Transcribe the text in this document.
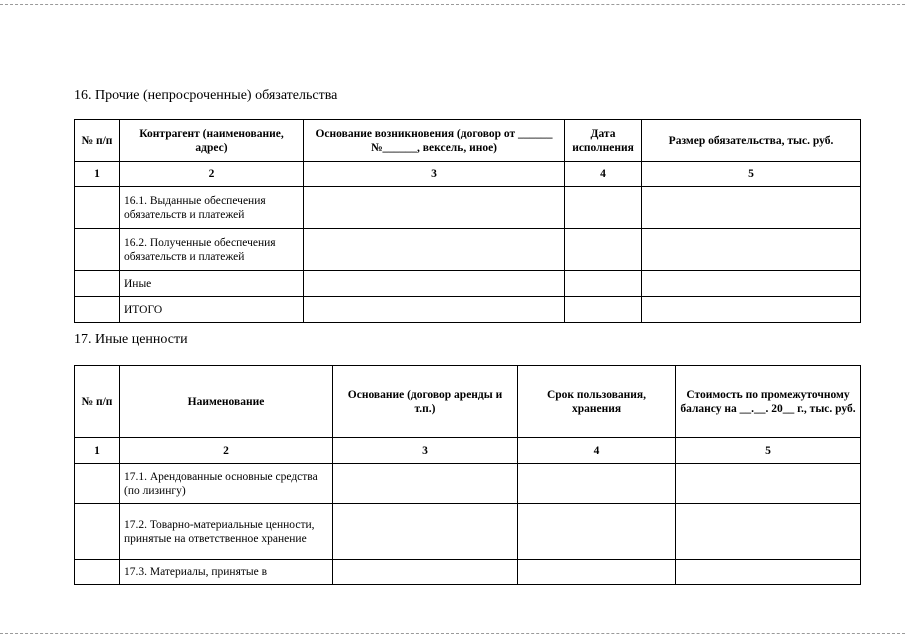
16. Прочие (непросроченные) обязательства
№ п/п	Контрагент (наименование, адрес)	Основание возникновения (договор от ______ №______, вексель, иное)	Дата исполнения	Размер обязательства, тыс. руб.
1	2	3	4	5
	16.1. Выданные обеспечения обязательств и платежей			
	16.2. Полученные обеспечения обязательств и платежей			
	Иные			
	ИТОГО			
17. Иные ценности
№ п/п	Наименование	Основание (договор аренды и т.п.)	Срок пользования, хранения	Стоимость по промежуточному балансу на __.__. 20__ г., тыс. руб.
1	2	3	4	5
	17.1. Арендованные основные средства (по лизингу)			
	17.2. Товарно-материальные ценности, принятые на ответственное хранение			
	17.3. Материалы, принятые в			
